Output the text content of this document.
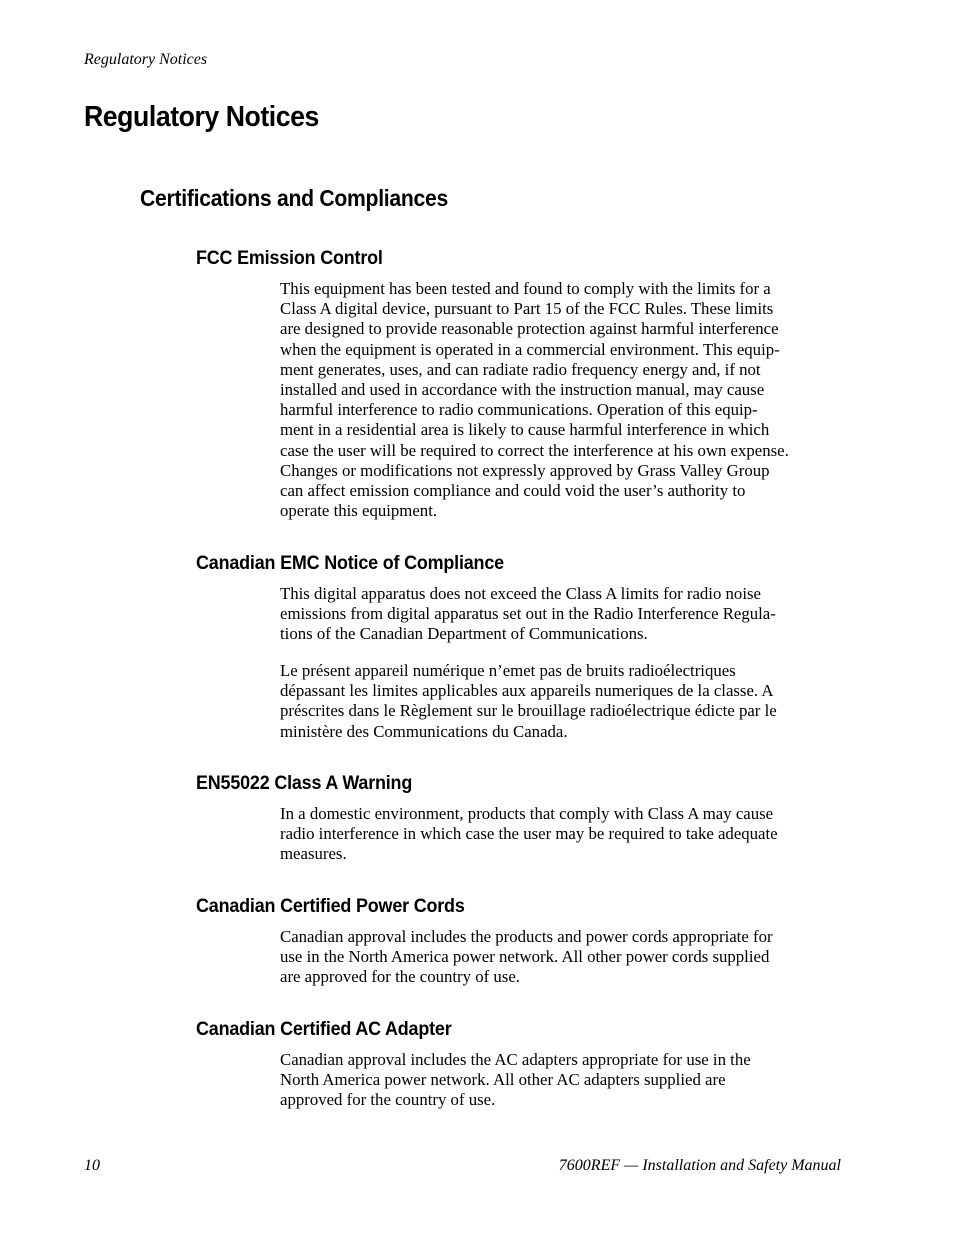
Regulatory Notices
Regulatory Notices
Certifications and Compliances
FCC Emission Control
This equipment has been tested and found to comply with the limits for a
Class A digital device, pursuant to Part 15 of the FCC Rules. These limits
are designed to provide reasonable protection against harmful interference
when the equipment is operated in a commercial environment. This equip-
ment generates, uses, and can radiate radio frequency energy and, if not
installed and used in accordance with the instruction manual, may cause
harmful interference to radio communications. Operation of this equip-
ment in a residential area is likely to cause harmful interference in which
case the user will be required to correct the interference at his own expense.
Changes or modifications not expressly approved by Grass Valley Group
can affect emission compliance and could void the user’s authority to
operate this equipment.
Canadian EMC Notice of Compliance
This digital apparatus does not exceed the Class A limits for radio noise
emissions from digital apparatus set out in the Radio Interference Regula-
tions of the Canadian Department of Communications.
Le présent appareil numérique n’emet pas de bruits radioélectriques
dépassant les limites applicables aux appareils numeriques de la classe. A
préscrites dans le Règlement sur le brouillage radioélectrique édicte par le
ministère des Communications du Canada.
EN55022 Class A Warning
In a domestic environment, products that comply with Class A may cause
radio interference in which case the user may be required to take adequate
measures.
Canadian Certified Power Cords
Canadian approval includes the products and power cords appropriate for
use in the North America power network. All other power cords supplied
are approved for the country of use.
Canadian Certified AC Adapter
Canadian approval includes the AC adapters appropriate for use in the
North America power network. All other AC adapters supplied are
approved for the country of use.
10	7600REF — Installation and Safety Manual
